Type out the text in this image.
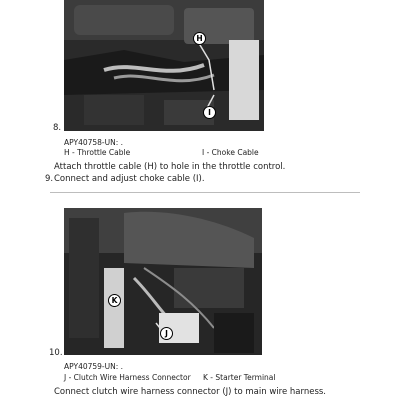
H
I
8.
APY40758-UN: .
H - Throttle Cable	I - Choke Cable
Attach throttle cable (H) to hole in the throttle control.
9. Connect and adjust choke cable (I).
K
J
10.
APY40759-UN: .
J - Clutch Wire Harness Connector K - Starter Terminal
Connect clutch wire harness connector (J) to main wire harness.
